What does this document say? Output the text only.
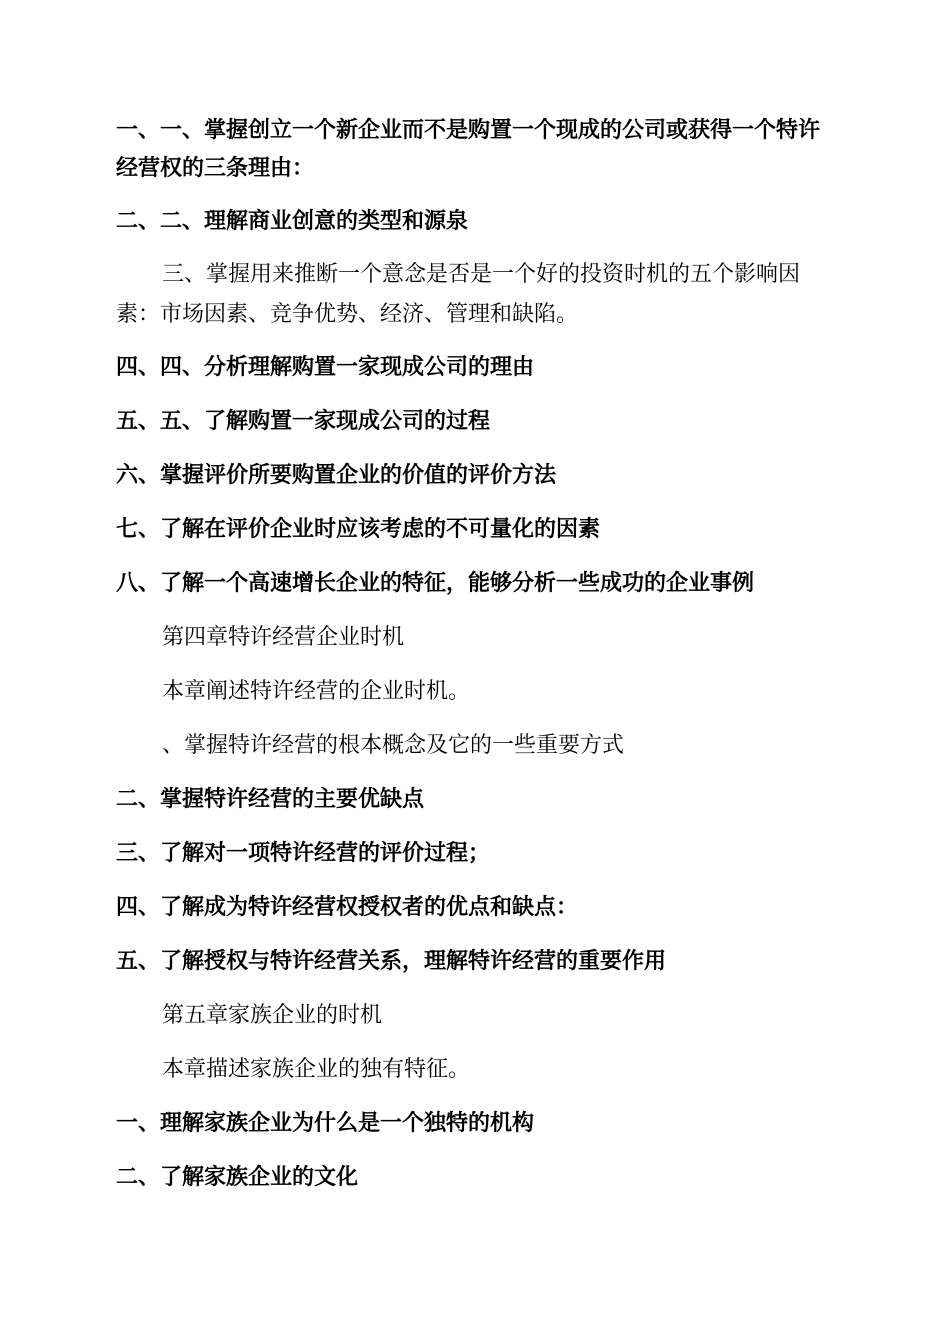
一、一、掌握创立一个新企业而不是购置一个现成的公司或获得一个特许
经营权的三条理由：
二、二、理解商业创意的类型和源泉
三、掌握用来推断一个意念是否是一个好的投资时机的五个影响因
素：市场因素、竞争优势、经济、管理和缺陷。
四、四、分析理解购置一家现成公司的理由
五、五、了解购置一家现成公司的过程
六、掌握评价所要购置企业的价值的评价方法
七、了解在评价企业时应该考虑的不可量化的因素
八、了解一个高速增长企业的特征，能够分析一些成功的企业事例
第四章特许经营企业时机
本章阐述特许经营的企业时机。
、掌握特许经营的根本概念及它的一些重要方式
二、掌握特许经营的主要优缺点
三、了解对一项特许经营的评价过程；
四、了解成为特许经营权授权者的优点和缺点：
五、了解授权与特许经营关系，理解特许经营的重要作用
第五章家族企业的时机
本章描述家族企业的独有特征。
一、理解家族企业为什么是一个独特的机构
二、了解家族企业的文化
